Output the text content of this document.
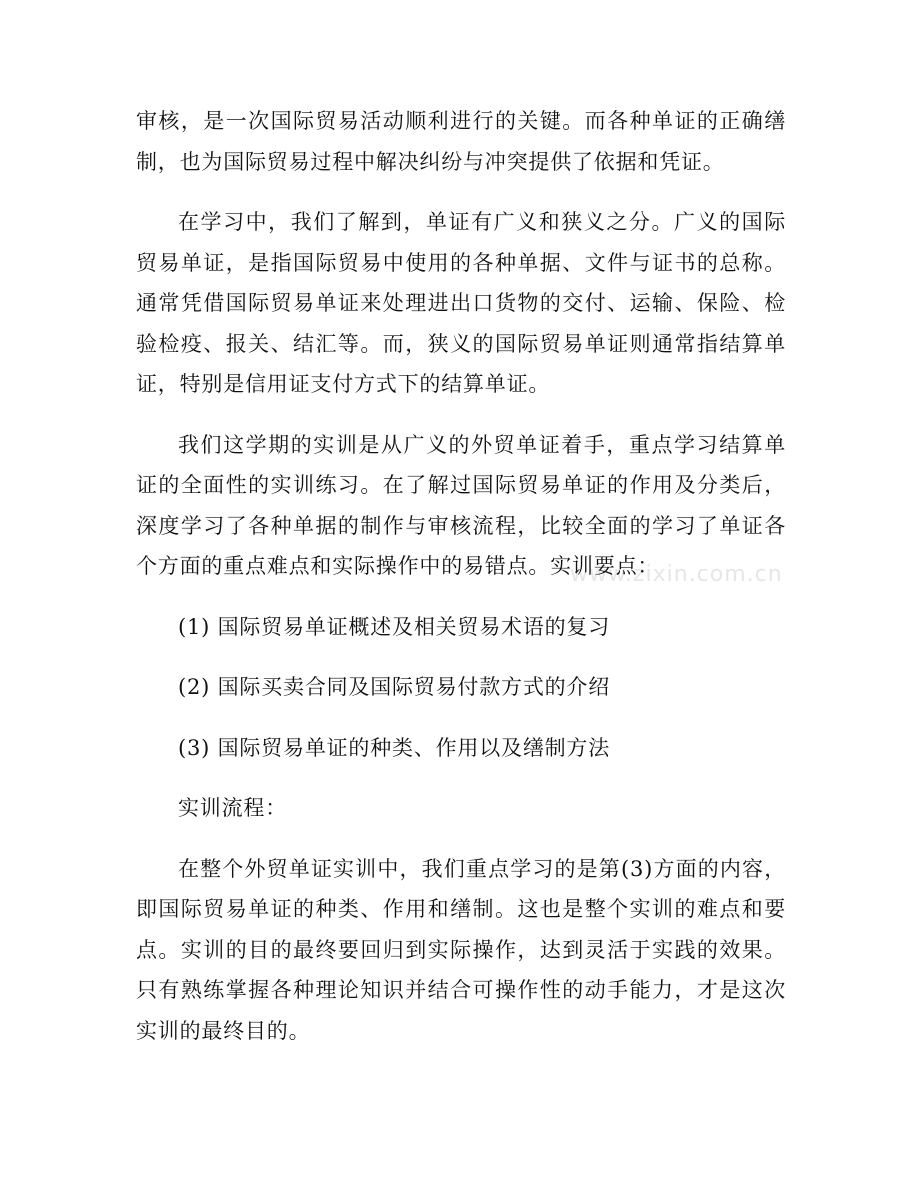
www.zixin.com.cn

审核，是一次国际贸易活动顺利进行的关键。而各种单证的正确缮制，也为国际贸易过程中解决纠纷与冲突提供了依据和凭证。

在学习中，我们了解到，单证有广义和狭义之分。广义的国际贸易单证，是指国际贸易中使用的各种单据、文件与证书的总称。通常凭借国际贸易单证来处理进出口货物的交付、运输、保险、检验检疫、报关、结汇等。而，狭义的国际贸易单证则通常指结算单证，特别是信用证支付方式下的结算单证。

我们这学期的实训是从广义的外贸单证着手，重点学习结算单证的全面性的实训练习。在了解过国际贸易单证的作用及分类后，深度学习了各种单据的制作与审核流程，比较全面的学习了单证各个方面的重点难点和实际操作中的易错点。实训要点：

(1) 国际贸易单证概述及相关贸易术语的复习

(2) 国际买卖合同及国际贸易付款方式的介绍

(3) 国际贸易单证的种类、作用以及缮制方法

实训流程：

在整个外贸单证实训中，我们重点学习的是第(3)方面的内容，即国际贸易单证的种类、作用和缮制。这也是整个实训的难点和要点。实训的目的最终要回归到实际操作，达到灵活于实践的效果。只有熟练掌握各种理论知识并结合可操作性的动手能力，才是这次实训的最终目的。
